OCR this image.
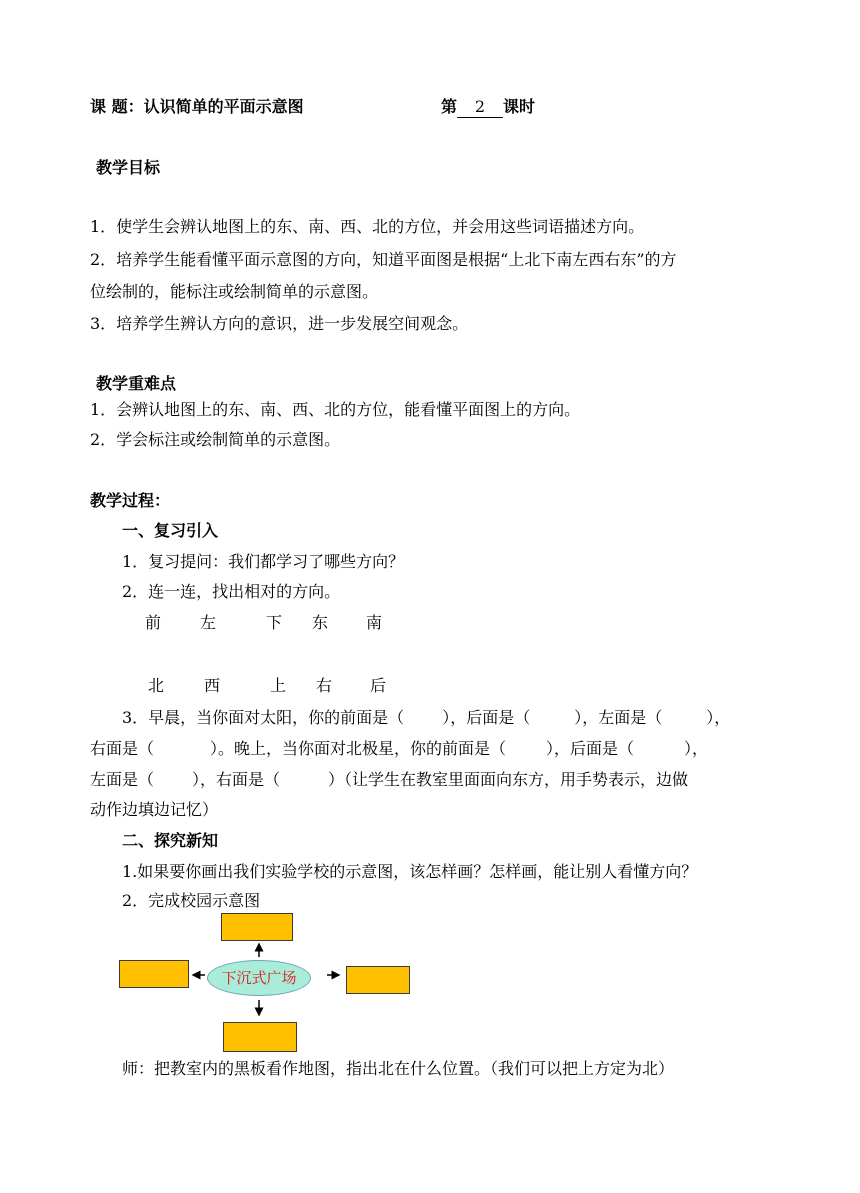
课 题：认识简单的平面示意图	第 2 课时
教学目标
1．使学生会辨认地图上的东、南、西、北的方位，并会用这些词语描述方向。
2．培养学生能看懂平面示意图的方向，知道平面图是根据“上北下南左西右东”的方
位绘制的，能标注或绘制简单的示意图。
3．培养学生辨认方向的意识，进一步发展空间观念。
教学重难点
1．会辨认地图上的东、南、西、北的方位，能看懂平面图上的方向。
2．学会标注或绘制简单的示意图。
教学过程：
一、复习引入
1．复习提问：我们都学习了哪些方向？
2．连一连，找出相对的方向。
前 左	下 东 南
北 西	上 右 后
3．早晨，当你面对太阳，你的前面是（ ），后面是（	），左面是（	），
右面是（	）。晚上，当你面对北极星，你的前面是（	），后面是（	），
左面是（ ），右面是（	）（让学生在教室里面面向东方，用手势表示，边做
动作边填边记忆）
二、探究新知
1.如果要你画出我们实验学校的示意图，该怎样画？怎样画，能让别人看懂方向？
2．完成校园示意图
下沉式广场
师：把教室内的黑板看作地图，指出北在什么位置。（我们可以把上方定为北）
